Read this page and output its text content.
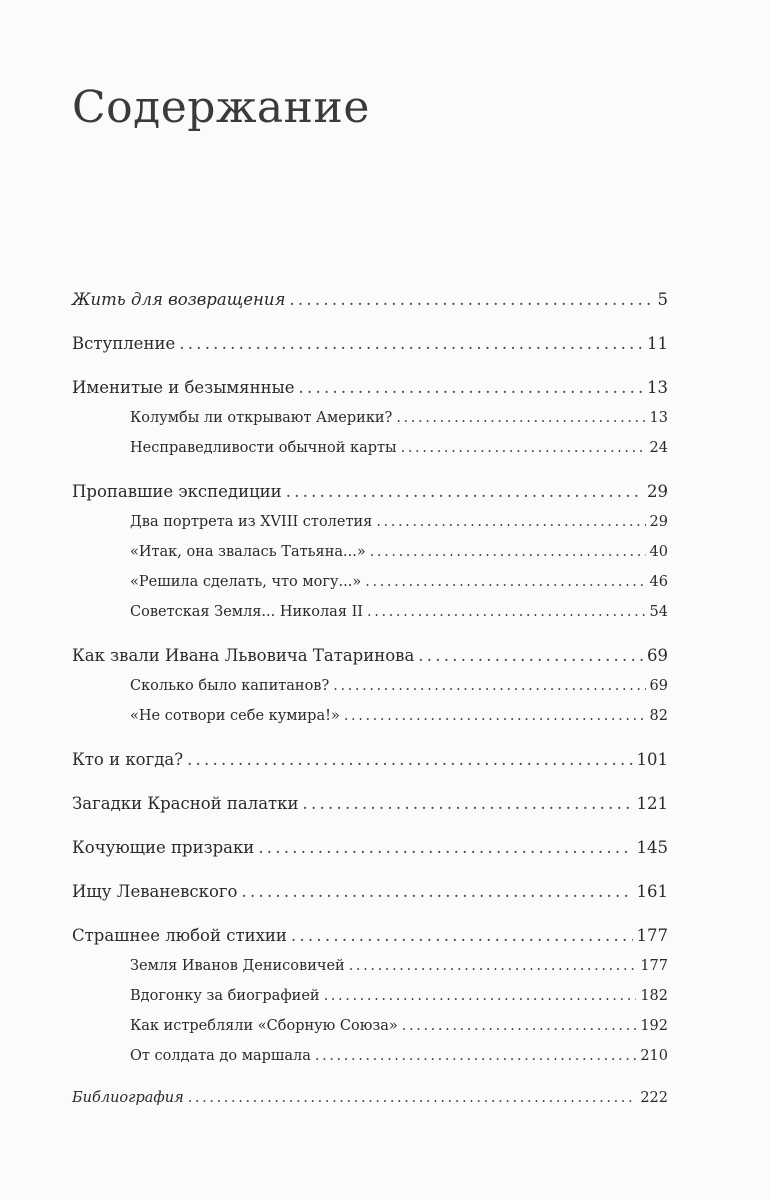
Содержание
Жить для возвращения . . .	5
Вступление . . .	11
Именитые и безымянные . . .	13
Колумбы ли открывают Америки? . . .	13
Несправедливости обычной карты . . .	24
Пропавшие экспедиции . . .	29
Два портрета из XVIII столетия . . .	29
«Итак, она звалась Татьяна...» . . .	40
«Решила сделать, что могу...» . . .	46
Советская Земля... Николая II . . .	54
Как звали Ивана Львовича Татаринова . . .	69
Сколько было капитанов? . . .	69
«Не сотвори себе кумира!» . . .	82
Кто и когда? . . .	101
Загадки Красной палатки . . .	121
Кочующие призраки . . .	145
Ищу Леваневского . . .	161
Страшнее любой стихии . . .	177
Земля Иванов Денисовичей . . .	177
Вдогонку за биографией . . .	182
Как истребляли «Сборную Союза» . . .	192
От солдата до маршала . . .	210
Библиография . . .	222
